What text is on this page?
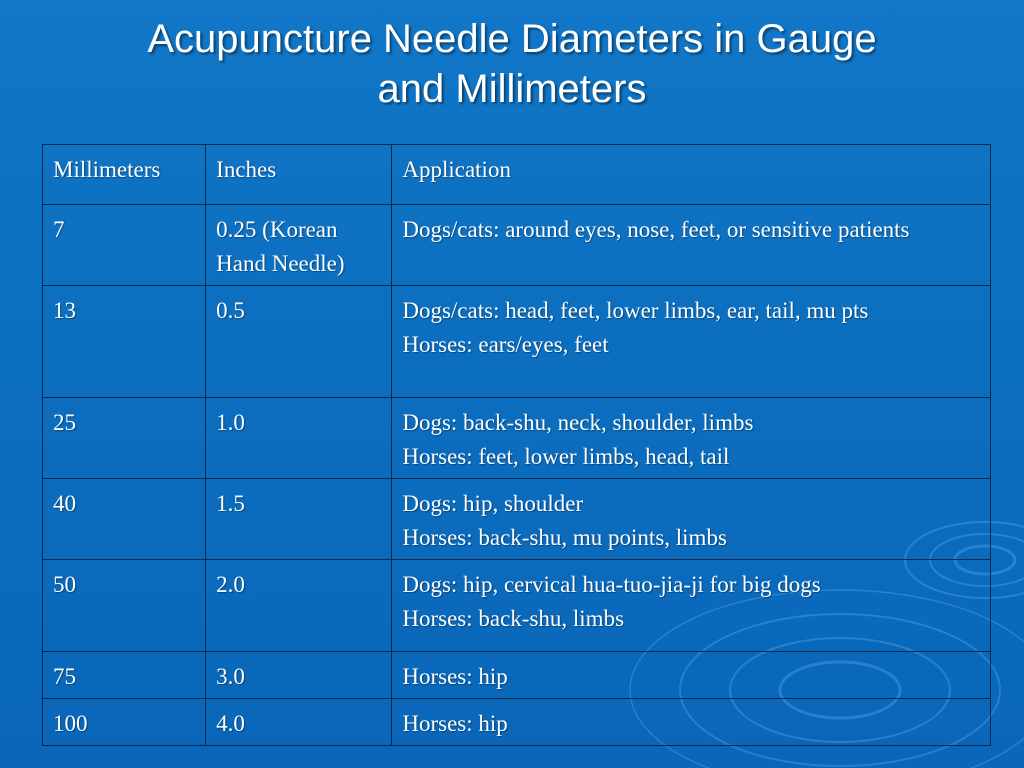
Acupuncture Needle Diameters in Gauge
and Millimeters
Millimeters	Inches	Application
7	0.25 (Korean Hand Needle)	Dogs/cats: around eyes, nose, feet, or sensitive patients

13	0.5	Dogs/cats: head, feet, lower limbs, ear, tail, mu pts
Horses: ears/eyes, feet

25	1.0	Dogs: back-shu, neck, shoulder, limbs
Horses: feet, lower limbs, head, tail

40	1.5	Dogs: hip, shoulder
Horses: back-shu, mu points, limbs

50	2.0	Dogs: hip, cervical hua-tuo-jia-ji for big dogs
Horses: back-shu, limbs

75	3.0	Horses: hip

100	4.0	Horses: hip
